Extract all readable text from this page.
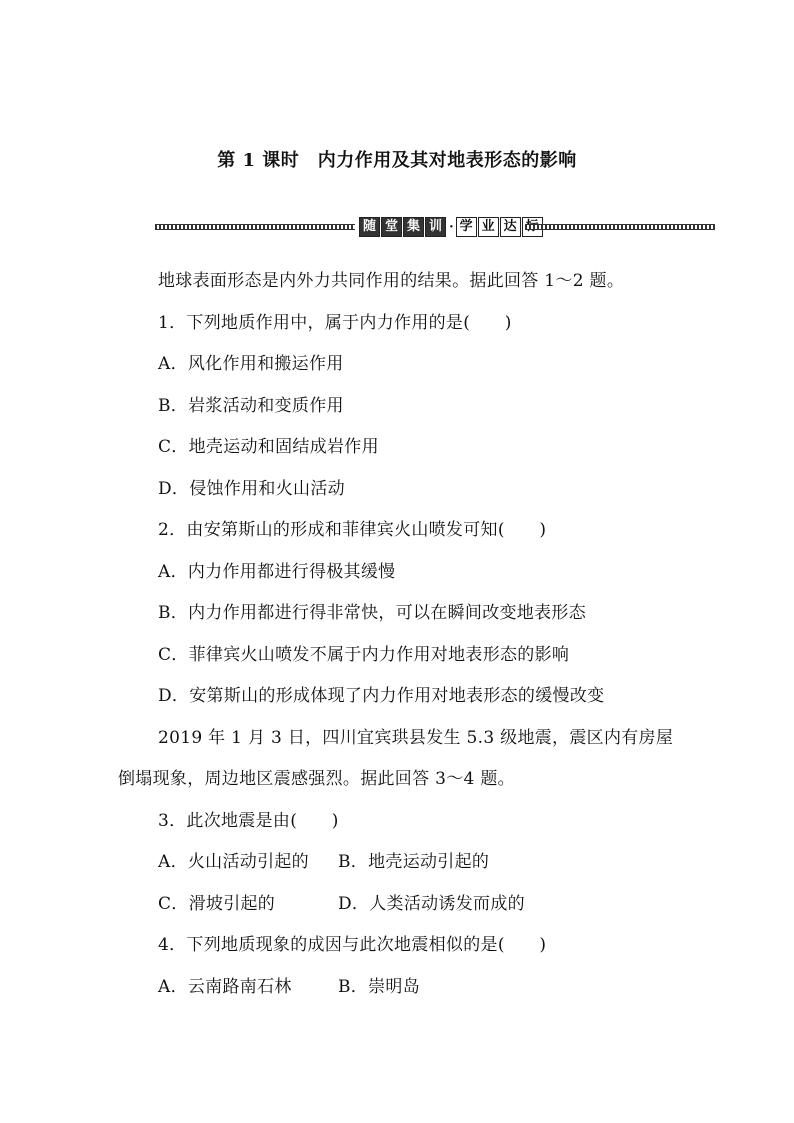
第 1 课时　内力作用及其对地表形态的影响
随 堂 集 训 · 学 业 达
地球表面形态是内外力共同作用的结果。据此回答 1～2 题。
1．下列地质作用中，属于内力作用的是(　　)
A．风化作用和搬运作用
B．岩浆活动和变质作用
C．地壳运动和固结成岩作用
D．侵蚀作用和火山活动
2．由安第斯山的形成和菲律宾火山喷发可知(　　)
A．内力作用都进行得极其缓慢
B．内力作用都进行得非常快，可以在瞬间改变地表形态
C．菲律宾火山喷发不属于内力作用对地表形态的影响
D．安第斯山的形成体现了内力作用对地表形态的缓慢改变
2019 年 1 月 3 日，四川宜宾珙县发生 5.3 级地震，震区内有房屋
倒塌现象，周边地区震感强烈。据此回答 3～4 题。
3．此次地震是由(　　)
A．火山活动引起的 B．地壳运动引起的
C．滑坡引起的	D．人类活动诱发而成的
4．下列地质现象的成因与此次地震相似的是(　　)
A．云南路南石林	B．崇明岛
